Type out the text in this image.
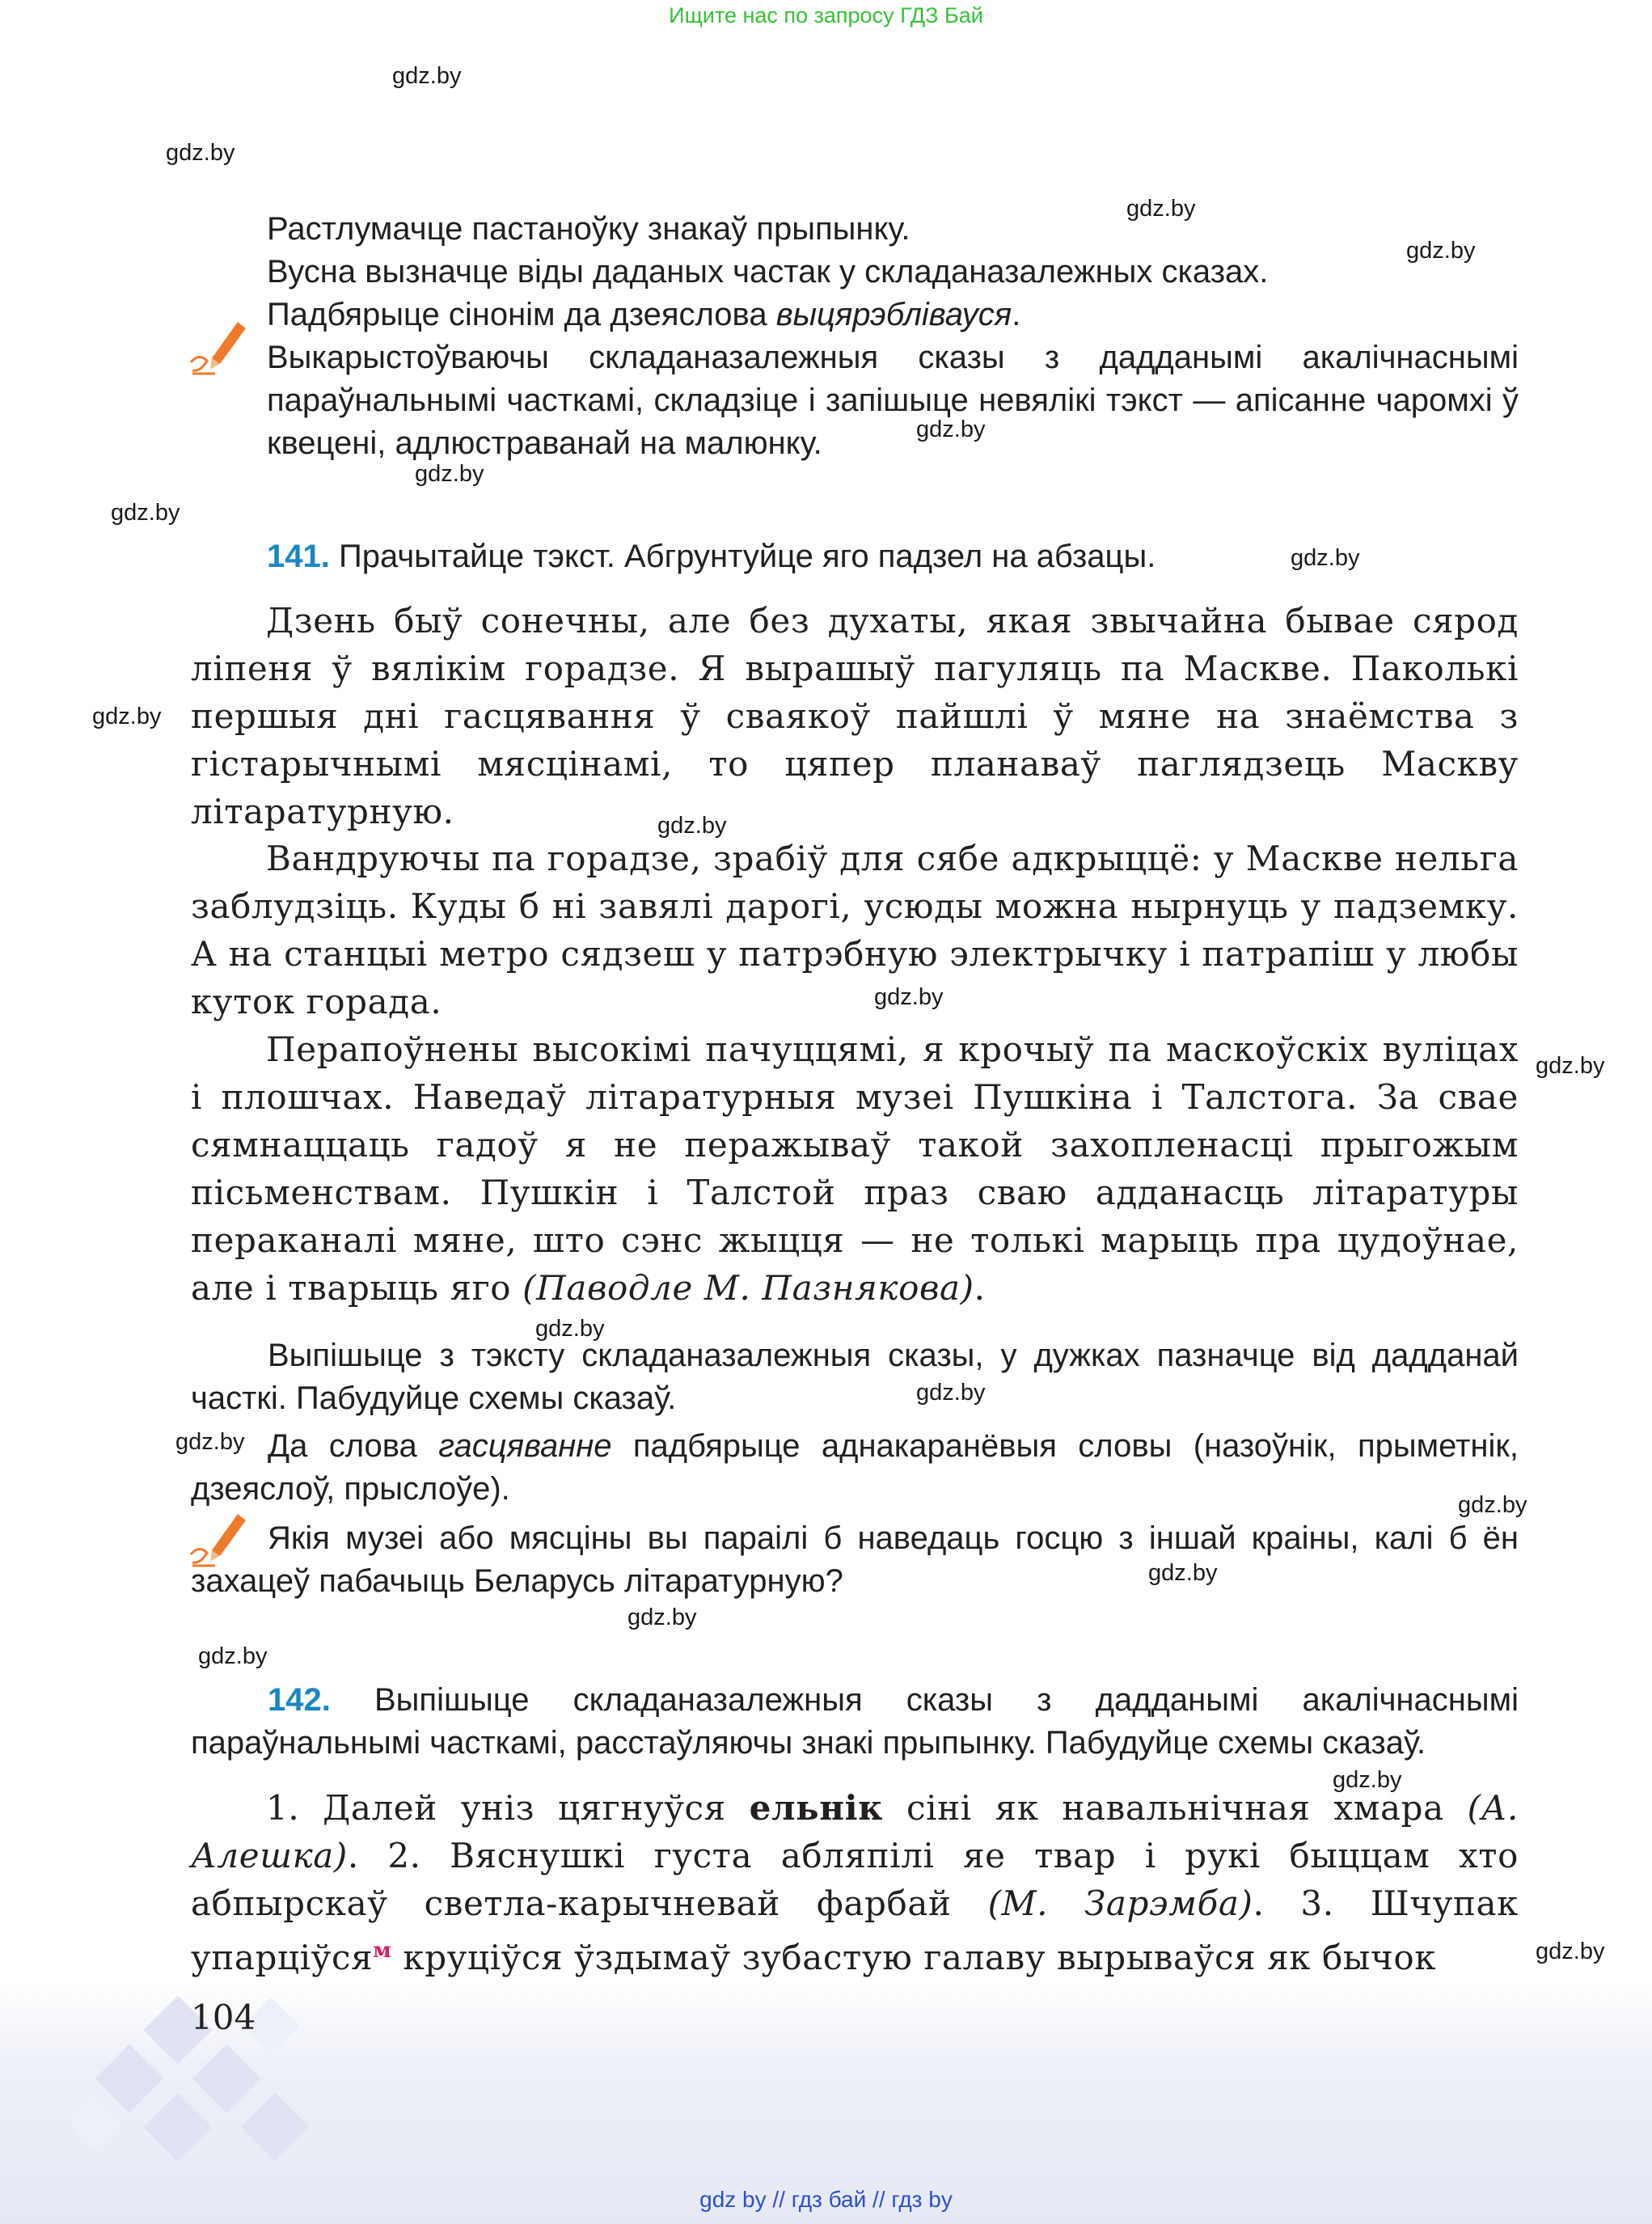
Ищите нас по запросу ГДЗ Бай
gdz.by
gdz.by
gdz.by
gdz.by
gdz.by
gdz.by
gdz.by
gdz.by
gdz.by
gdz.by
gdz.by
gdz.by
gdz.by
gdz.by
gdz.by
gdz.by
gdz.by
gdz.by
gdz.by
gdz.by
gdz.by

Растлумачце пастаноўку знакаў прыпынку.

Вусна вызначце віды даданых частак у складаназалежных сказах.

Падбярыце сінонім да дзеяслова выцярэблівауся.

Выкарыстоўваючы складаназалежныя сказы з дадданымі акалічнаснымі параўнальнымі часткамі, складзіце і запішыце невялікі тэкст — апісанне чаромхі ў квецені, адлюстраванай на малюнку.

141. Прачытайце тэкст. Абгрунтуйце яго падзел на абзацы.

Дзень быў сонечны, але без духаты, якая звычайна бывае сярод ліпеня ў вялікім горадзе. Я вырашыў пагуляць па Маскве. Паколькі першыя дні гасцявання ў сваякоў пайшлі ў мяне на знаёмства з гістарычнымі мясцінамі, то цяпер планаваў паглядзець Маскву літаратурную.

Вандруючы па горадзе, зрабіў для сябе адкрыццё: у Маскве нельга заблудзіць. Куды б ні завялі дарогі, усюды можна нырнуць у падземку. А на станцыі метро сядзеш у патрэбную электрычку і патрапіш у любы куток горада.

Перапоўнены высокімі пачуццямі, я крочыў па маскоўскіх вуліцах і плошчах. Наведаў літаратурныя музеі Пушкіна і Талстога. За свае сямнаццаць гадоў я не перажываў такой захопленасці прыгожым пісьменствам. Пушкін і Талстой праз сваю адданасць літаратуры пераканалі мяне, што сэнс жыцця — не толькі марыць пра цудоўнае, але і тварыць яго (Паводле М. Пазнякова).

Выпішыце з тэксту складаназалежныя сказы, у дужках пазначце від дадданай часткі. Пабудуйце схемы сказаў.

Да слова гасцяванне падбярыце аднакаранёвыя словы (назоўнік, прыметнік, дзеяслоў, прыслоўе).

Якія музеі або мясціны вы параілі б наведаць госцю з іншай краіны, калі б ён захацеў пабачыць Беларусь літаратурную?

142. Выпішыце складаназалежныя сказы з дадданымі акалічнаснымі параўнальнымі часткамі, расстаўляючы знакі прыпынку. Пабудуйце схемы сказаў.

1. Далей уніз цягнуўся ельнік сіні як навальнічная хмара (А. Алешка). 2. Вяснушкі густа абляпілі яе твар і рукі быццам хто абпырскаў светла-карычневай фарбай (М. Зарэмба). 3. Шчупак упарціўся$^м$ круціўся ўздымаў зубастую галаву вырываўся як бычок

104
gdz by // гдз бай // гдз by
